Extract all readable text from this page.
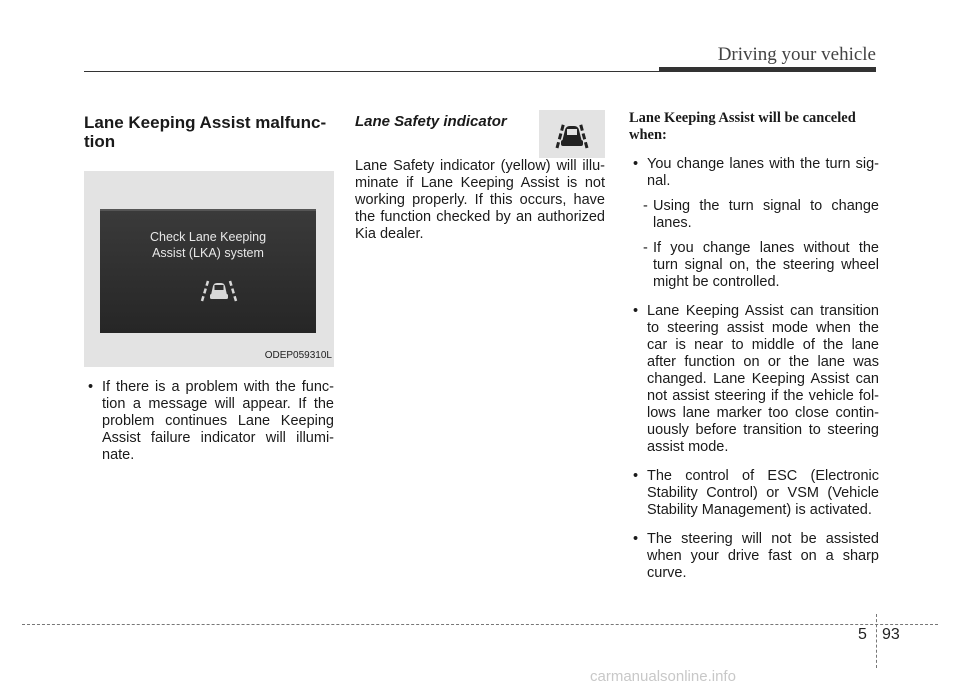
Driving your vehicle
Lane Keeping Assist malfunc-
tion
Check Lane Keeping
Assist (LKA) system
ODEP059310L
• If there is a problem with the func-tion a message will appear. If the problem continues Lane Keeping Assist failure indicator will illumi-nate.
Lane Safety indicator
Lane Safety indicator (yellow) will illu-minate if Lane Keeping Assist is not working properly. If this occurs, have the function checked by an authorized Kia dealer.
Lane Keeping Assist will be canceled when:
• You change lanes with the turn sig-nal.
- Using the turn signal to change lanes.
- If you change lanes without the turn signal on, the steering wheel might be controlled.
• Lane Keeping Assist can transition to steering assist mode when the car is near to middle of the lane after function on or the lane was changed. Lane Keeping Assist can not assist steering if the vehicle fol-lows lane marker too close contin-uously before transition to steering assist mode.
• The control of ESC (Electronic Stability Control) or VSM (Vehicle Stability Management) is activated.
• The steering will not be assisted when your drive fast on a sharp curve.
5 93
carmanualsonline.info
